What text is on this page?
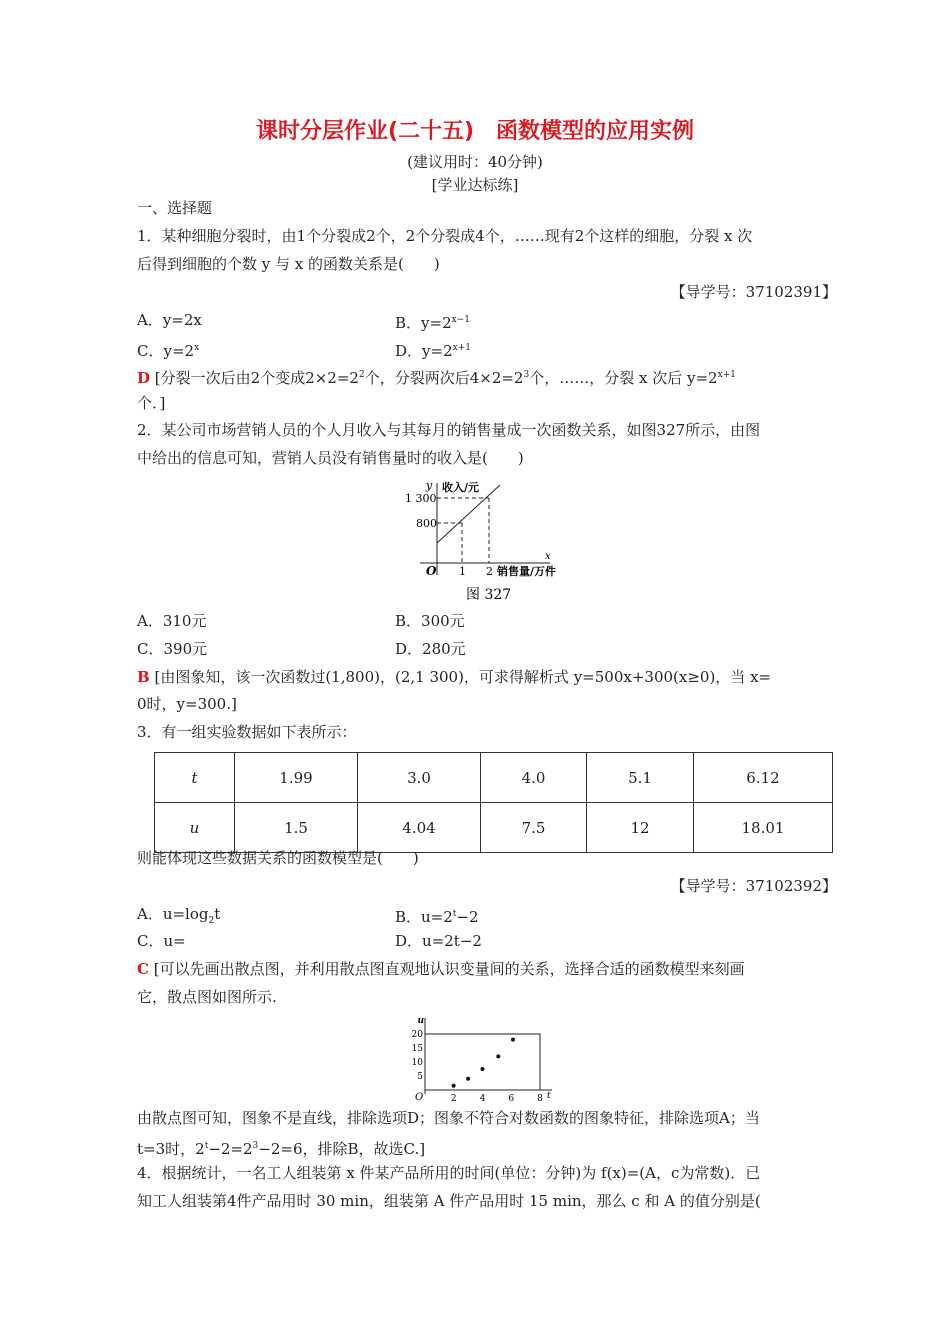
课时分层作业(二十五)　函数模型的应用实例
(建议用时：40分钟)
[学业达标练]
一、选择题
1．某种细胞分裂时，由1个分裂成2个，2个分裂成4个，……现有2个这样的细胞，分裂 x 次
后得到细胞的个数 y 与 x 的函数关系是(　　)
【导学号：37102391】
A．y=2x	B．$y=2^{x-1}$
C．$y=2^x$	D．$y=2^{x+1}$
D [分裂一次后由2个变成$2\times 2=2^2$个，分裂两次后$4\times 2=2^3$个，……，分裂 x 次后 $y=2^{x+1}$
个．]
2．某公司市场营销人员的个人月收入与其每月的销售量成一次函数关系，如图327所示，由图
中给出的信息可知，营销人员没有销售量时的收入是(　　)
y 收入/元
1 300
800
O 1 2
x
销售量/万件
图 327
A．310元	B．300元
C．390元	D．280元
B [由图象知，该一次函数过(1,800)，(2,1 300)，可求得解析式 y=500x+300(x≥0)，当 x=
0时，y=300.]
3．有一组实验数据如下表所示：
t	1.99	3.0	4.0	5.1	6.12
u	1.5	4.04	7.5	12	18.01
则能体现这些数据关系的函数模型是(　　)
【导学号：37102392】
A．$u=\log_2t$	B．$u=2^t-2$
C．u=	D．u=2t−2
C [可以先画出散点图，并利用散点图直观地认识变量间的关系，选择合适的函数模型来刻画
它，散点图如图所示.
u
t
O
5
10
15
20
2	4	6	8
由散点图可知，图象不是直线，排除选项D；图象不符合对数函数的图象特征，排除选项A；当
t=3时，$2^t-2=2^3-2=6$，排除B，故选C.]
4．根据统计，一名工人组装第 x 件某产品所用的时间(单位：分钟)为 f(x)=(A，c为常数)．已
知工人组装第4件产品用时 30 min，组装第 A 件产品用时 15 min，那么 c 和 A 的值分别是(
